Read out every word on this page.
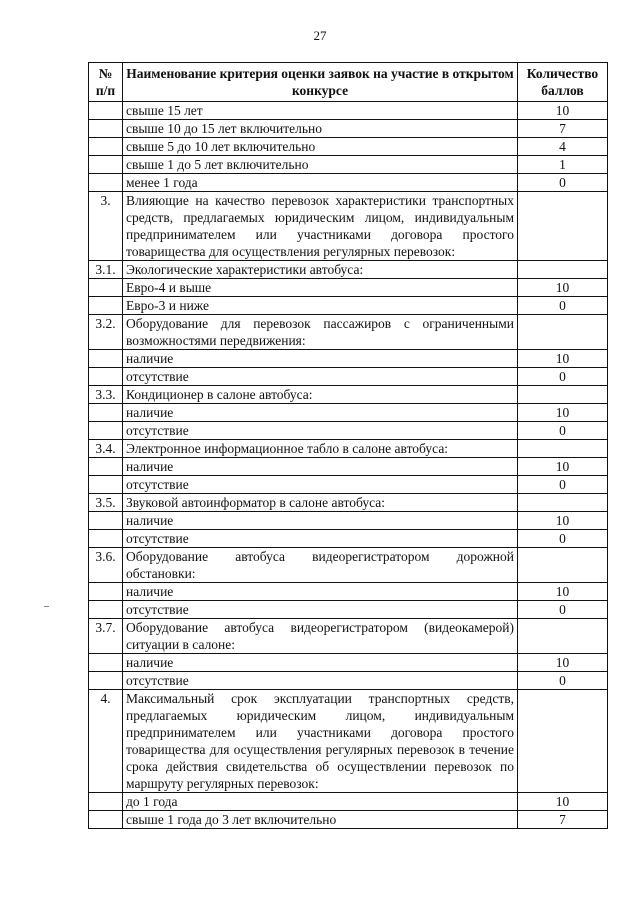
27
№ п/п	Наименование критерия оценки заявок на участие в открытом конкурсе	Количество баллов
	свыше 15 лет	10
	свыше 10 до 15 лет включительно	7
	свыше 5 до 10 лет включительно	4
	свыше 1 до 5 лет включительно	1
	менее 1 года	0
3.	Влияющие на качество перевозок характеристики транспортных средств, предлагаемых юридическим лицом, индивидуальным предпринимателем или участниками договора простого товарищества для осуществления регулярных перевозок:	
3.1.	Экологические характеристики автобуса:	
	Евро-4 и выше	10
	Евро-3 и ниже	0
3.2.	Оборудование для перевозок пассажиров с ограниченными возможностями передвижения:	
	наличие	10
	отсутствие	0
3.3.	Кондиционер в салоне автобуса:	
	наличие	10
	отсутствие	0
3.4.	Электронное информационное табло в салоне автобуса:	
	наличие	10
	отсутствие	0
3.5.	Звуковой автоинформатор в салоне автобуса:	
	наличие	10
	отсутствие	0
3.6.	Оборудование автобуса видеорегистратором дорожной обстановки:	
	наличие	10
	отсутствие	0
3.7.	Оборудование автобуса видеорегистратором (видеокамерой) ситуации в салоне:	
	наличие	10
	отсутствие	0
4.	Максимальный срок эксплуатации транспортных средств, предлагаемых юридическим лицом, индивидуальным предпринимателем или участниками договора простого товарищества для осуществления регулярных перевозок в течение срока действия свидетельства об осуществлении перевозок по маршруту регулярных перевозок:	
	до 1 года	10
	свыше 1 года до 3 лет включительно	7
